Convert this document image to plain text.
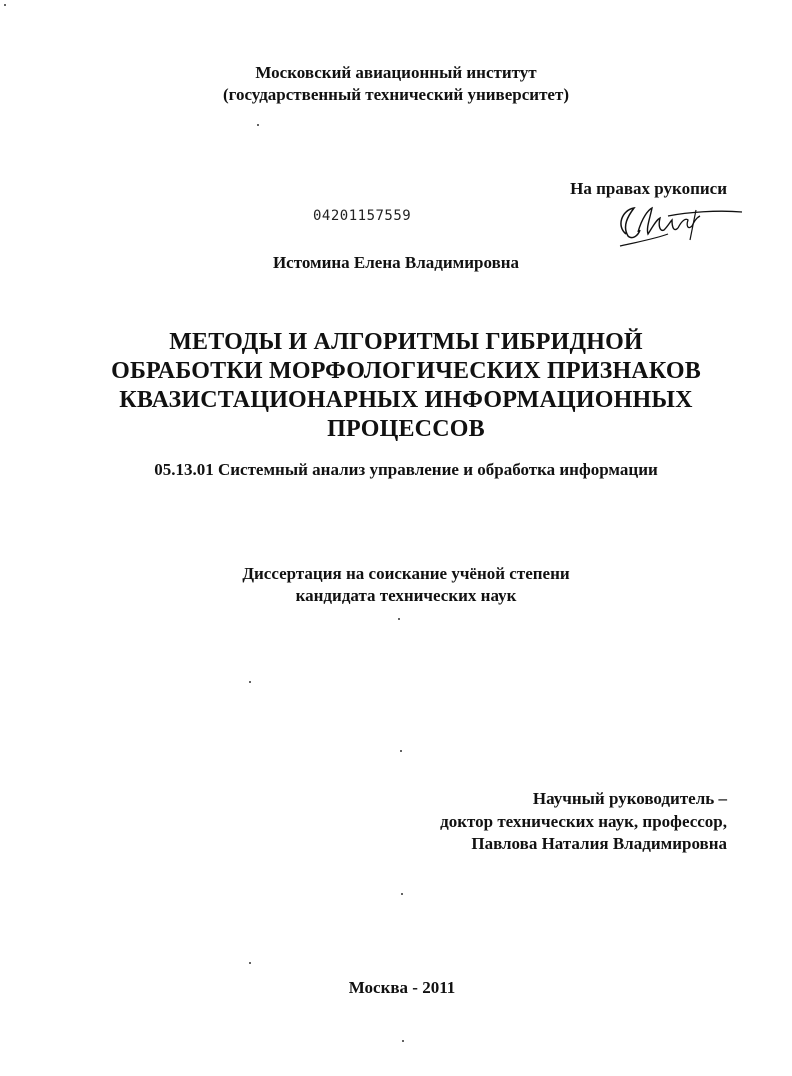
Московский авиационный институт
(государственный технический университет)
На правах рукописи
04201157559
Истомина Елена Владимировна
МЕТОДЫ И АЛГОРИТМЫ ГИБРИДНОЙ
ОБРАБОТКИ МОРФОЛОГИЧЕСКИХ ПРИЗНАКОВ
КВАЗИСТАЦИОНАРНЫХ ИНФОРМАЦИОННЫХ
ПРОЦЕССОВ
05.13.01 Системный анализ управление и обработка информации
Диссертация на соискание учёной степени
кандидата технических наук
Научный руководитель –
доктор технических наук, профессор,
Павлова Наталия Владимировна
Москва - 2011
